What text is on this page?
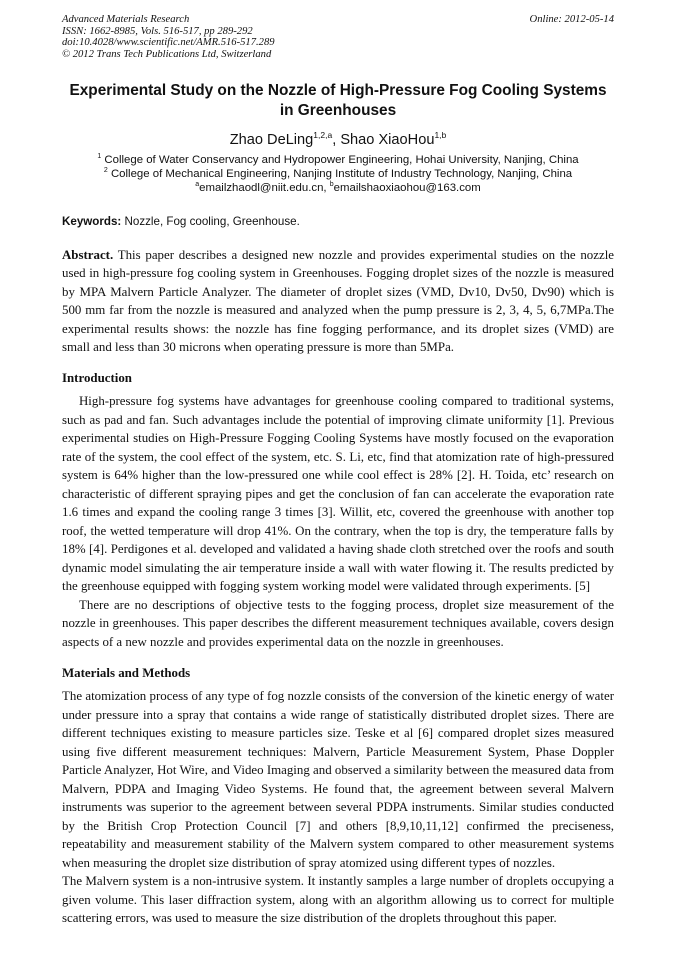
Advanced Materials Research
ISSN: 1662-8985, Vols. 516-517, pp 289-292
doi:10.4028/www.scientific.net/AMR.516-517.289
© 2012 Trans Tech Publications Ltd, Switzerland
Online: 2012-05-14
Experimental Study on the Nozzle of High-Pressure Fog Cooling Systems in Greenhouses
Zhao DeLing$^{1,2,a}$, Shao XiaoHou$^{1,b}$
$^1$ College of Water Conservancy and Hydropower Engineering, Hohai University, Nanjing, China
$^2$ College of Mechanical Engineering, Nanjing Institute of Industry Technology, Nanjing, China
$^a$emailzhaodl@niit.edu.cn, $^b$emailshaoxiaohou@163.com
Keywords: Nozzle, Fog cooling, Greenhouse.
Abstract. This paper describes a designed new nozzle and provides experimental studies on the nozzle used in high-pressure fog cooling system in Greenhouses. Fogging droplet sizes of the nozzle is measured by MPA Malvern Particle Analyzer. The diameter of droplet sizes (VMD, Dv10, Dv50, Dv90) which is 500 mm far from the nozzle is measured and analyzed when the pump pressure is 2, 3, 4, 5, 6,7MPa.The experimental results shows: the nozzle has fine fogging performance, and its droplet sizes (VMD) are small and less than 30 microns when operating pressure is more than 5MPa.
Introduction

High-pressure fog systems have advantages for greenhouse cooling compared to traditional systems, such as pad and fan. Such advantages include the potential of improving climate uniformity [1]. Previous experimental studies on High-Pressure Fogging Cooling Systems have mostly focused on the evaporation rate of the system, the cool effect of the system, etc. S. Li, etc, find that atomization rate of high-pressured system is 64% higher than the low-pressured one while cool effect is 28% [2]. H. Toida, etc’ research on characteristic of different spraying pipes and get the conclusion of fan can accelerate the evaporation rate 1.6 times and expand the cooling range 3 times [3]. Willit, etc, covered the greenhouse with another top roof, the wetted temperature will drop 41%. On the contrary, when the top is dry, the temperature falls by 18% [4]. Perdigones et al. developed and validated a having shade cloth stretched over the roofs and south dynamic model simulating the air temperature inside a wall with water flowing it. The results predicted by the greenhouse equipped with fogging system working model were validated through experiments. [5]

There are no descriptions of objective tests to the fogging process, droplet size measurement of the nozzle in greenhouses. This paper describes the different measurement techniques available, covers design aspects of a new nozzle and provides experimental data on the nozzle in greenhouses.

Materials and Methods

The atomization process of any type of fog nozzle consists of the conversion of the kinetic energy of water under pressure into a spray that contains a wide range of statistically distributed droplet sizes. There are different techniques existing to measure particles size. Teske et al [6] compared droplet sizes measured using five different measurement techniques: Malvern, Particle Measurement System, Phase Doppler Particle Analyzer, Hot Wire, and Video Imaging and observed a similarity between the measured data from Malvern, PDPA and Imaging Video Systems. He found that, the agreement between several Malvern instruments was superior to the agreement between several PDPA instruments. Similar studies conducted by the British Crop Protection Council [7] and others [8,9,10,11,12] confirmed the preciseness, repeatability and measurement stability of the Malvern system compared to other measurement systems when measuring the droplet size distribution of spray atomized using different types of nozzles.

The Malvern system is a non-intrusive system. It instantly samples a large number of droplets occupying a given volume. This laser diffraction system, along with an algorithm allowing us to correct for multiple scattering errors, was used to measure the size distribution of the droplets throughout this paper.
